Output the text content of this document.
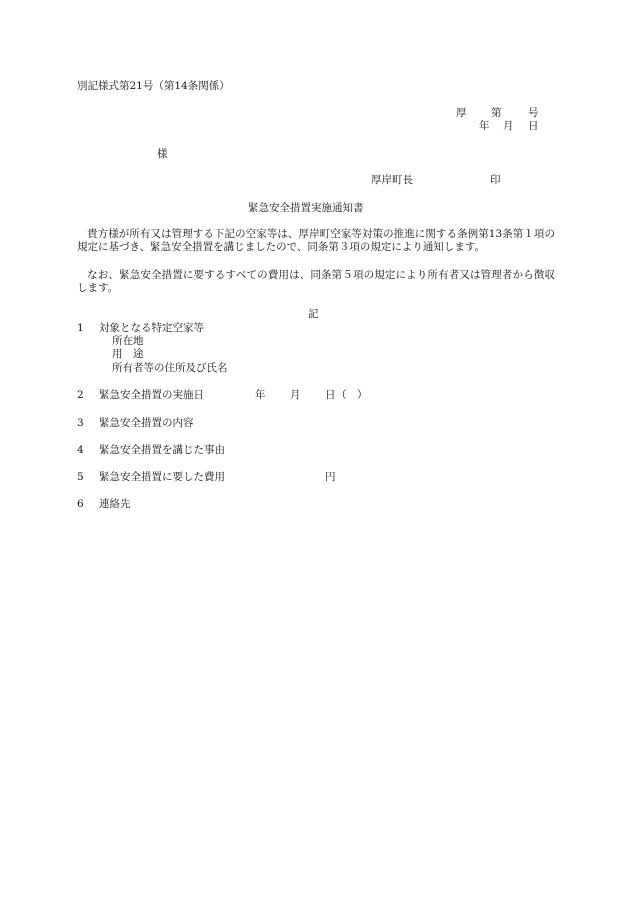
別記様式第21号（第14条関係）
厚 第	号
年 月 日
様
厚岸町長	印
緊急安全措置実施通知書
貴方様が所有又は管理する下記の空家等は、厚岸町空家等対策の推進に関する条例第13条第１項の規定に基づき、緊急安全措置を講じましたので、同条第３項の規定により通知します。
なお、緊急安全措置に要するすべての費用は、同条第５項の規定により所有者又は管理者から徴収します。
記
1 対象となる特定空家等
所在地
用　途
所有者等の住所及び氏名
2 緊急安全措置の実施日	年 月 日 （　）
3 緊急安全措置の内容
4 緊急安全措置を講じた事由
5 緊急安全措置に要した費用	円
6 連絡先
